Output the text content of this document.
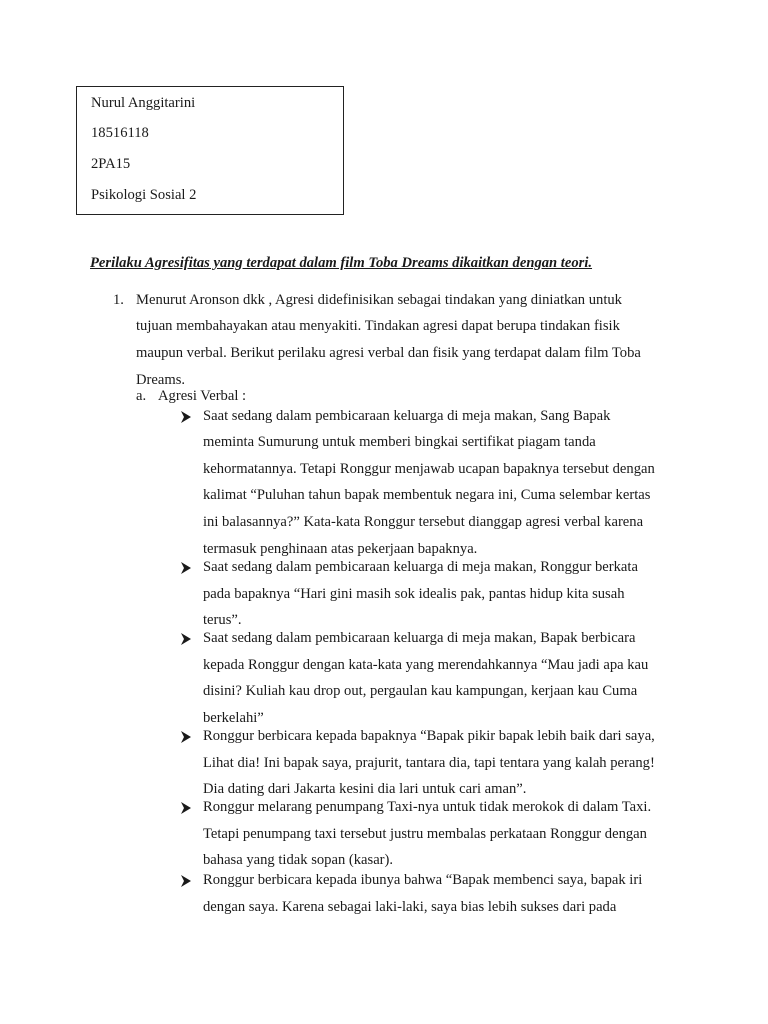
Nurul Anggitarini
18516118
2PA15
Psikologi Sosial 2
Perilaku Agresifitas yang terdapat dalam film Toba Dreams dikaitkan dengan teori.
1. Menurut Aronson dkk , Agresi didefinisikan sebagai tindakan yang diniatkan untuk
tujuan membahayakan atau menyakiti. Tindakan agresi dapat berupa tindakan fisik
maupun verbal. Berikut perilaku agresi verbal dan fisik yang terdapat dalam film Toba
Dreams.
a. Agresi Verbal :
Saat sedang dalam pembicaraan keluarga di meja makan, Sang Bapak
meminta Sumurung untuk memberi bingkai sertifikat piagam tanda
kehormatannya. Tetapi Ronggur menjawab ucapan bapaknya tersebut dengan
kalimat “Puluhan tahun bapak membentuk negara ini, Cuma selembar kertas
ini balasannya?” Kata-kata Ronggur tersebut dianggap agresi verbal karena
termasuk penghinaan atas pekerjaan bapaknya.
Saat sedang dalam pembicaraan keluarga di meja makan, Ronggur berkata
pada bapaknya “Hari gini masih sok idealis pak, pantas hidup kita susah
terus”.
Saat sedang dalam pembicaraan keluarga di meja makan, Bapak berbicara
kepada Ronggur dengan kata-kata yang merendahkannya “Mau jadi apa kau
disini? Kuliah kau drop out, pergaulan kau kampungan, kerjaan kau Cuma
berkelahi”
Ronggur berbicara kepada bapaknya “Bapak pikir bapak lebih baik dari saya,
Lihat dia! Ini bapak saya, prajurit, tantara dia, tapi tentara yang kalah perang!
Dia dating dari Jakarta kesini dia lari untuk cari aman”.
Ronggur melarang penumpang Taxi-nya untuk tidak merokok di dalam Taxi.
Tetapi penumpang taxi tersebut justru membalas perkataan Ronggur dengan
bahasa yang tidak sopan (kasar).
Ronggur berbicara kepada ibunya bahwa “Bapak membenci saya, bapak iri
dengan saya. Karena sebagai laki-laki, saya bias lebih sukses dari pada
